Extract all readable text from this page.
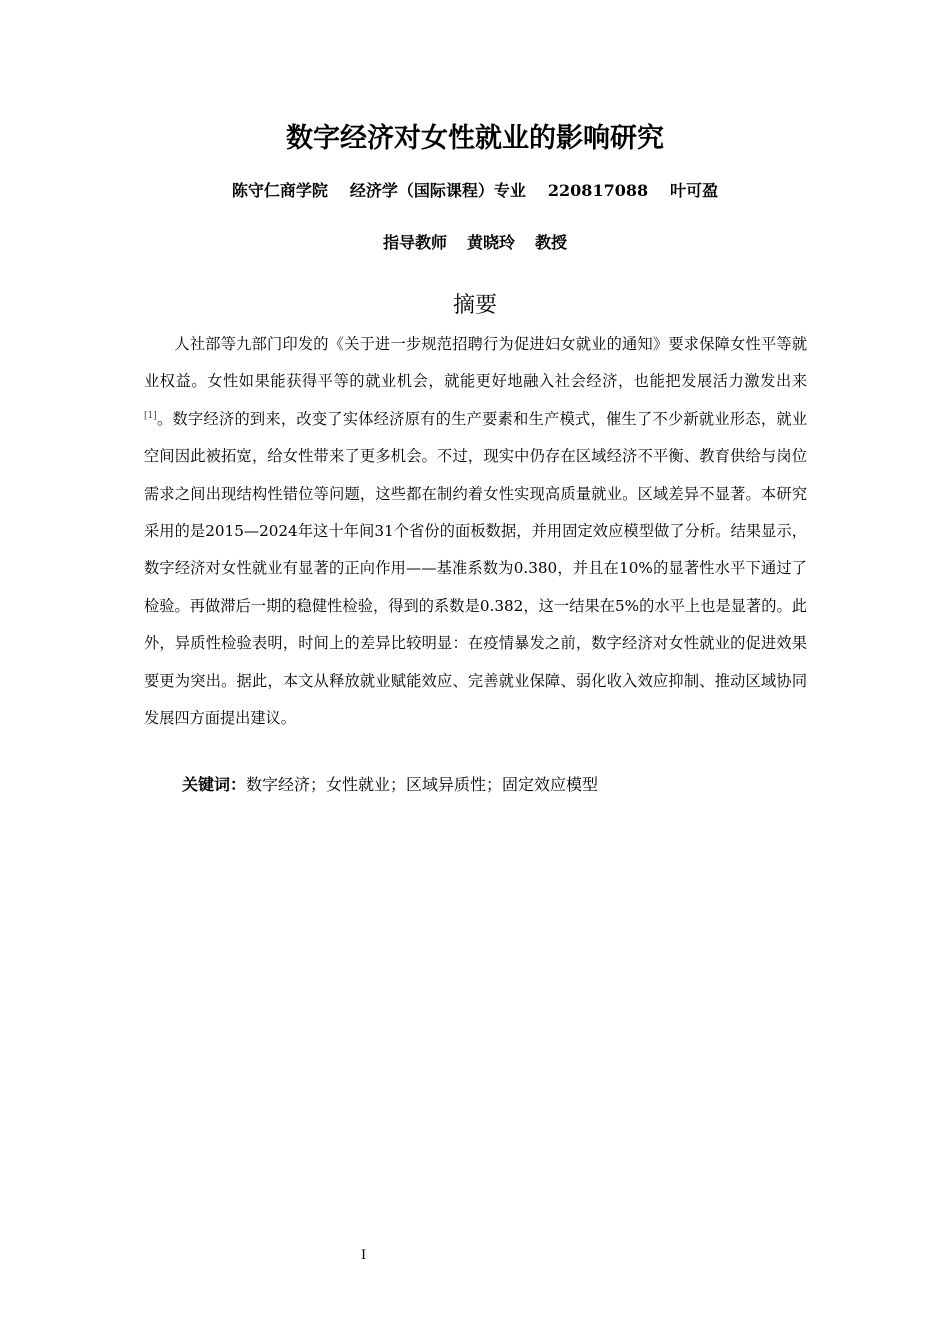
数字经济对女性就业的影响研究
陈守仁商学院 经济学（国际课程）专业 220817088 叶可盈
指导教师 黄晓玲 教授
摘要

人社部等九部门印发的《关于进一步规范招聘行为促进妇女就业的通知》要求保障女性平等就业权益。女性如果能获得平等的就业机会，就能更好地融入社会经济，也能把发展活力激发出来[1]。数字经济的到来，改变了实体经济原有的生产要素和生产模式，催生了不少新就业形态，就业空间因此被拓宽，给女性带来了更多机会。不过，现实中仍存在区域经济不平衡、教育供给与岗位需求之间出现结构性错位等问题，这些都在制约着女性实现高质量就业。区域差异不显著。本研究采用的是2015—2024年这十年间31个省份的面板数据，并用固定效应模型做了分析。结果显示，数字经济对女性就业有显著的正向作用——基准系数为0.380，并且在10%的显著性水平下通过了检验。再做滞后一期的稳健性检验，得到的系数是0.382，这一结果在5%的水平上也是显著的。此外，异质性检验表明，时间上的差异比较明显：在疫情暴发之前，数字经济对女性就业的促进效果要更为突出。据此，本文从释放就业赋能效应、完善就业保障、弱化收入效应抑制、推动区域协同发展四方面提出建议。

关键词：数字经济；女性就业；区域异质性；固定效应模型
I
